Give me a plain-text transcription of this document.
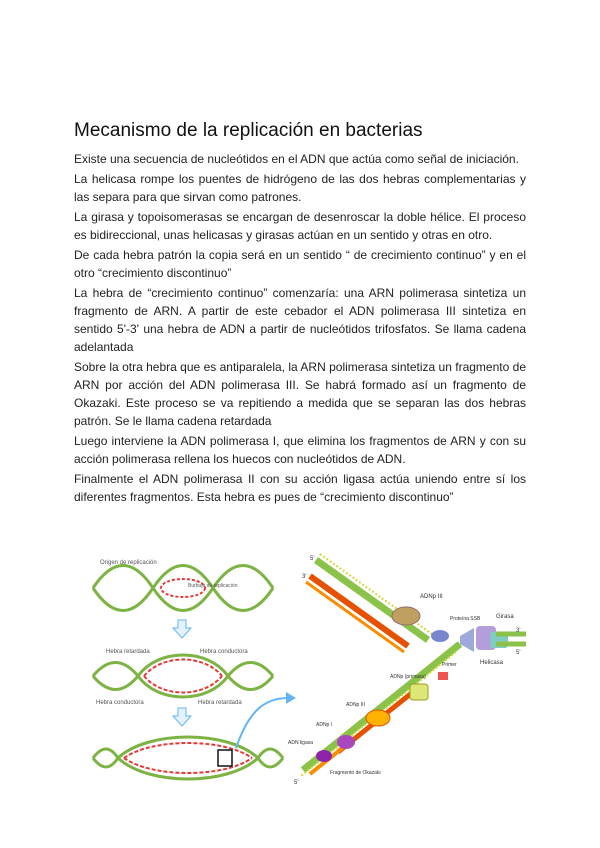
Mecanismo de la replicación en bacterias

Existe una secuencia de nucleótidos en el ADN que actúa como señal de iniciación.

La helicasa rompe los puentes de hidrógeno de las dos hebras complementarias y las separa para que sirvan como patrones.

La girasa y topoisomerasas se encargan de desenroscar la doble hélice. El proceso es bidireccional, unas helicasas y girasas actúan en un sentido y otras en otro.

De cada hebra patrón la copia será en un sentido “ de crecimiento continuo” y en el otro “crecimiento discontinuo”

La hebra de “crecimiento continuo” comenzaría: una ARN polimerasa sintetiza un fragmento de ARN. A partir de este cebador el ADN polimerasa III sintetiza en sentido 5'-3' una hebra de ADN a partir de nucleótidos trifosfatos. Se llama cadena adelantada

Sobre la otra hebra que es antiparalela, la ARN polimerasa sintetiza un fragmento de ARN por acción del ADN polimerasa III. Se habrá formado así un fragmento de Okazaki. Este proceso se va repitiendo a medida que se separan las dos hebras patrón. Se le llama cadena retardada

Luego interviene la ADN polimerasa I, que elimina los fragmentos de ARN y con su acción polimerasa rellena los huecos con nucleótidos de ADN.

Finalmente el ADN polimerasa II con su acción ligasa actúa uniendo entre sí los diferentes fragmentos. Esta hebra es pues de “crecimiento discontinuo”

Origen de replicación
Burbuja de replicación
Hebra retardada	Hebra conductora
Hebra conductora	Hebra retardada
5'
3'
ADNp III
Proteína SSB	Girasa
Helicasa
3'
5'
ADNp (primasa)
Primer
ADNp III
ADNp I
ADN ligasa
Fragmento de Okazaki
5'
